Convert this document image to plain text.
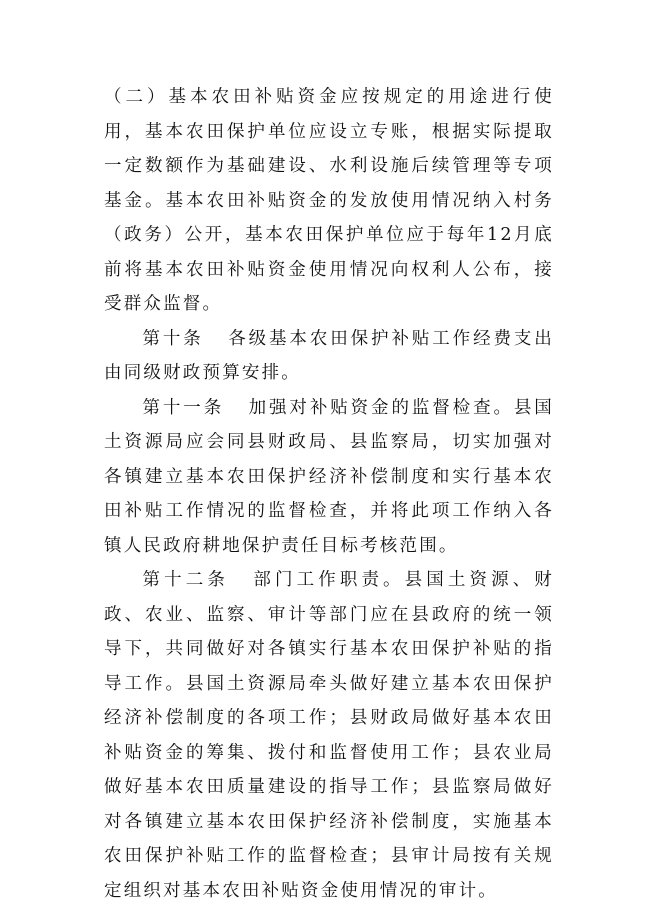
（二）基本农田补贴资金应按规定的用途进行使用，基本农田保护单位应设立专账，根据实际提取一定数额作为基础建设、水利设施后续管理等专项基金。基本农田补贴资金的发放使用情况纳入村务（政务）公开，基本农田保护单位应于每年12月底前将基本农田补贴资金使用情况向权利人公布，接受群众监督。

第十条 各级基本农田保护补贴工作经费支出由同级财政预算安排。

第十一条 加强对补贴资金的监督检查。县国土资源局应会同县财政局、县监察局，切实加强对各镇建立基本农田保护经济补偿制度和实行基本农田补贴工作情况的监督检查，并将此项工作纳入各镇人民政府耕地保护责任目标考核范围。

第十二条 部门工作职责。县国土资源、财政、农业、监察、审计等部门应在县政府的统一领导下，共同做好对各镇实行基本农田保护补贴的指导工作。县国土资源局牵头做好建立基本农田保护经济补偿制度的各项工作；县财政局做好基本农田补贴资金的筹集、拨付和监督使用工作；县农业局做好基本农田质量建设的指导工作；县监察局做好对各镇建立基本农田保护经济补偿制度，实施基本农田保护补贴工作的监督检查；县审计局按有关规定组织对基本农田补贴资金使用情况的审计。
